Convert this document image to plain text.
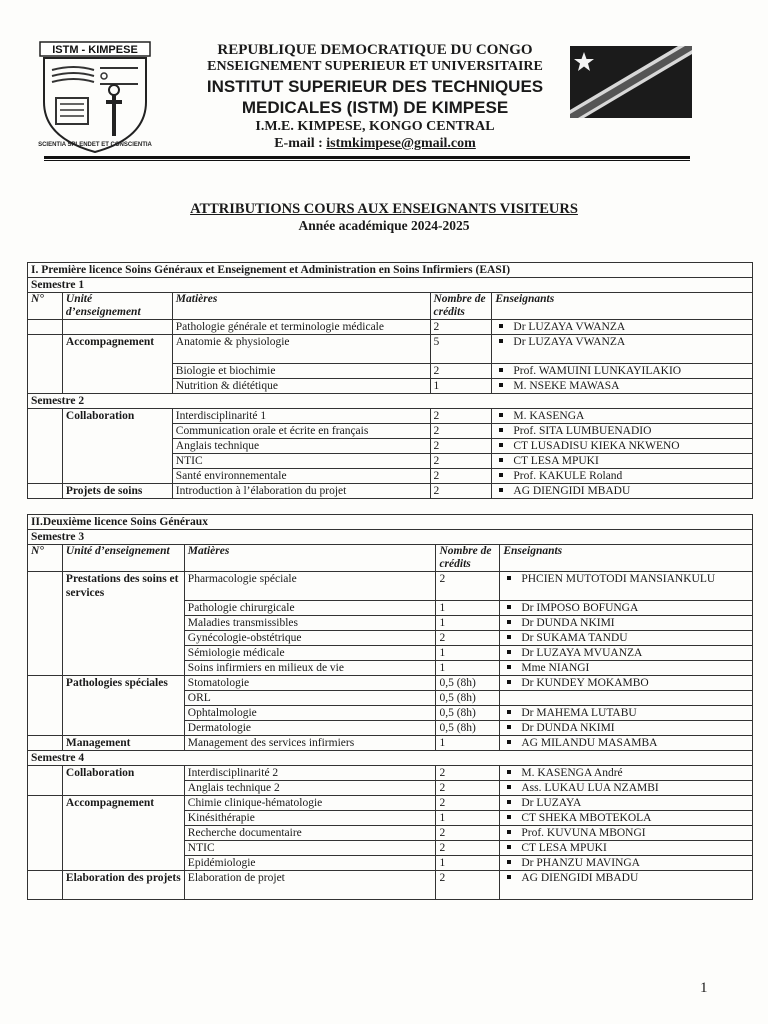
ISTM - KIMPESE
SCIENTIA SPLENDET ET CONSCIENTIA
REPUBLIQUE DEMOCRATIQUE DU CONGO
ENSEIGNEMENT SUPERIEUR ET UNIVERSITAIRE
INSTITUT SUPERIEUR DES TECHNIQUES
MEDICALES (ISTM) DE KIMPESE
I.M.E. KIMPESE, KONGO CENTRAL
E-mail : istmkimpese@gmail.com
ATTRIBUTIONS COURS AUX ENSEIGNANTS VISITEURS
Année académique 2024-2025
I. Première licence Soins Généraux et Enseignement et Administration en Soins Infirmiers (EASI)				
Semestre 1				
N°	Unité d’enseignement	Matières	Nombre de crédits	Enseignants
		Pathologie générale et terminologie médicale	2	Dr LUZAYA VWANZA
	Accompagnement	Anatomie & physiologie	5	Dr LUZAYA VWANZA
		Biologie et biochimie	2	Prof. WAMUINI LUNKAYILAKIO
		Nutrition & diététique	1	M. NSEKE MAWASA
Semestre 2				
	Collaboration	Interdisciplinarité 1	2	M. KASENGA
		Communication orale et écrite en français	2	Prof. SITA LUMBUENADIO
		Anglais technique	2	CT LUSADISU KIEKA NKWENO
		NTIC	2	CT LESA MPUKI
		Santé environnementale	2	Prof. KAKULE Roland
	Projets de soins	Introduction à l’élaboration du projet	2	AG DIENGIDI MBADU
II.Deuxième licence Soins Généraux				
Semestre 3				
N°	Unité d’enseignement	Matières	Nombre de crédits	Enseignants
	Prestations des soins et services	Pharmacologie spéciale	2	PHCIEN MUTOTODI MANSIANKULU
		Pathologie chirurgicale	1	Dr IMPOSO BOFUNGA
		Maladies transmissibles	1	Dr DUNDA NKIMI
		Gynécologie-obstétrique	2	Dr SUKAMA TANDU
		Sémiologie médicale	1	Dr LUZAYA MVUANZA
		Soins infirmiers en milieux de vie	1	Mme NIANGI
	Pathologies spéciales	Stomatologie	0,5 (8h)	Dr KUNDEY MOKAMBO
		ORL	0,5 (8h)	
		Ophtalmologie	0,5 (8h)	Dr MAHEMA LUTABU
		Dermatologie	0,5 (8h)	Dr DUNDA NKIMI
	Management	Management des services infirmiers	1	AG MILANDU MASAMBA
Semestre 4				
	Collaboration	Interdisciplinarité 2	2	M. KASENGA André
		Anglais technique 2	2	Ass. LUKAU LUA NZAMBI
	Accompagnement	Chimie clinique-hématologie	2	Dr LUZAYA
		Kinésithérapie	1	CT SHEKA MBOTEKOLA
		Recherche documentaire	2	Prof. KUVUNA MBONGI
		NTIC	2	CT LESA MPUKI
		Epidémiologie	1	Dr PHANZU MAVINGA
	Elaboration des projets	Elaboration de projet	2	AG DIENGIDI MBADU
1
